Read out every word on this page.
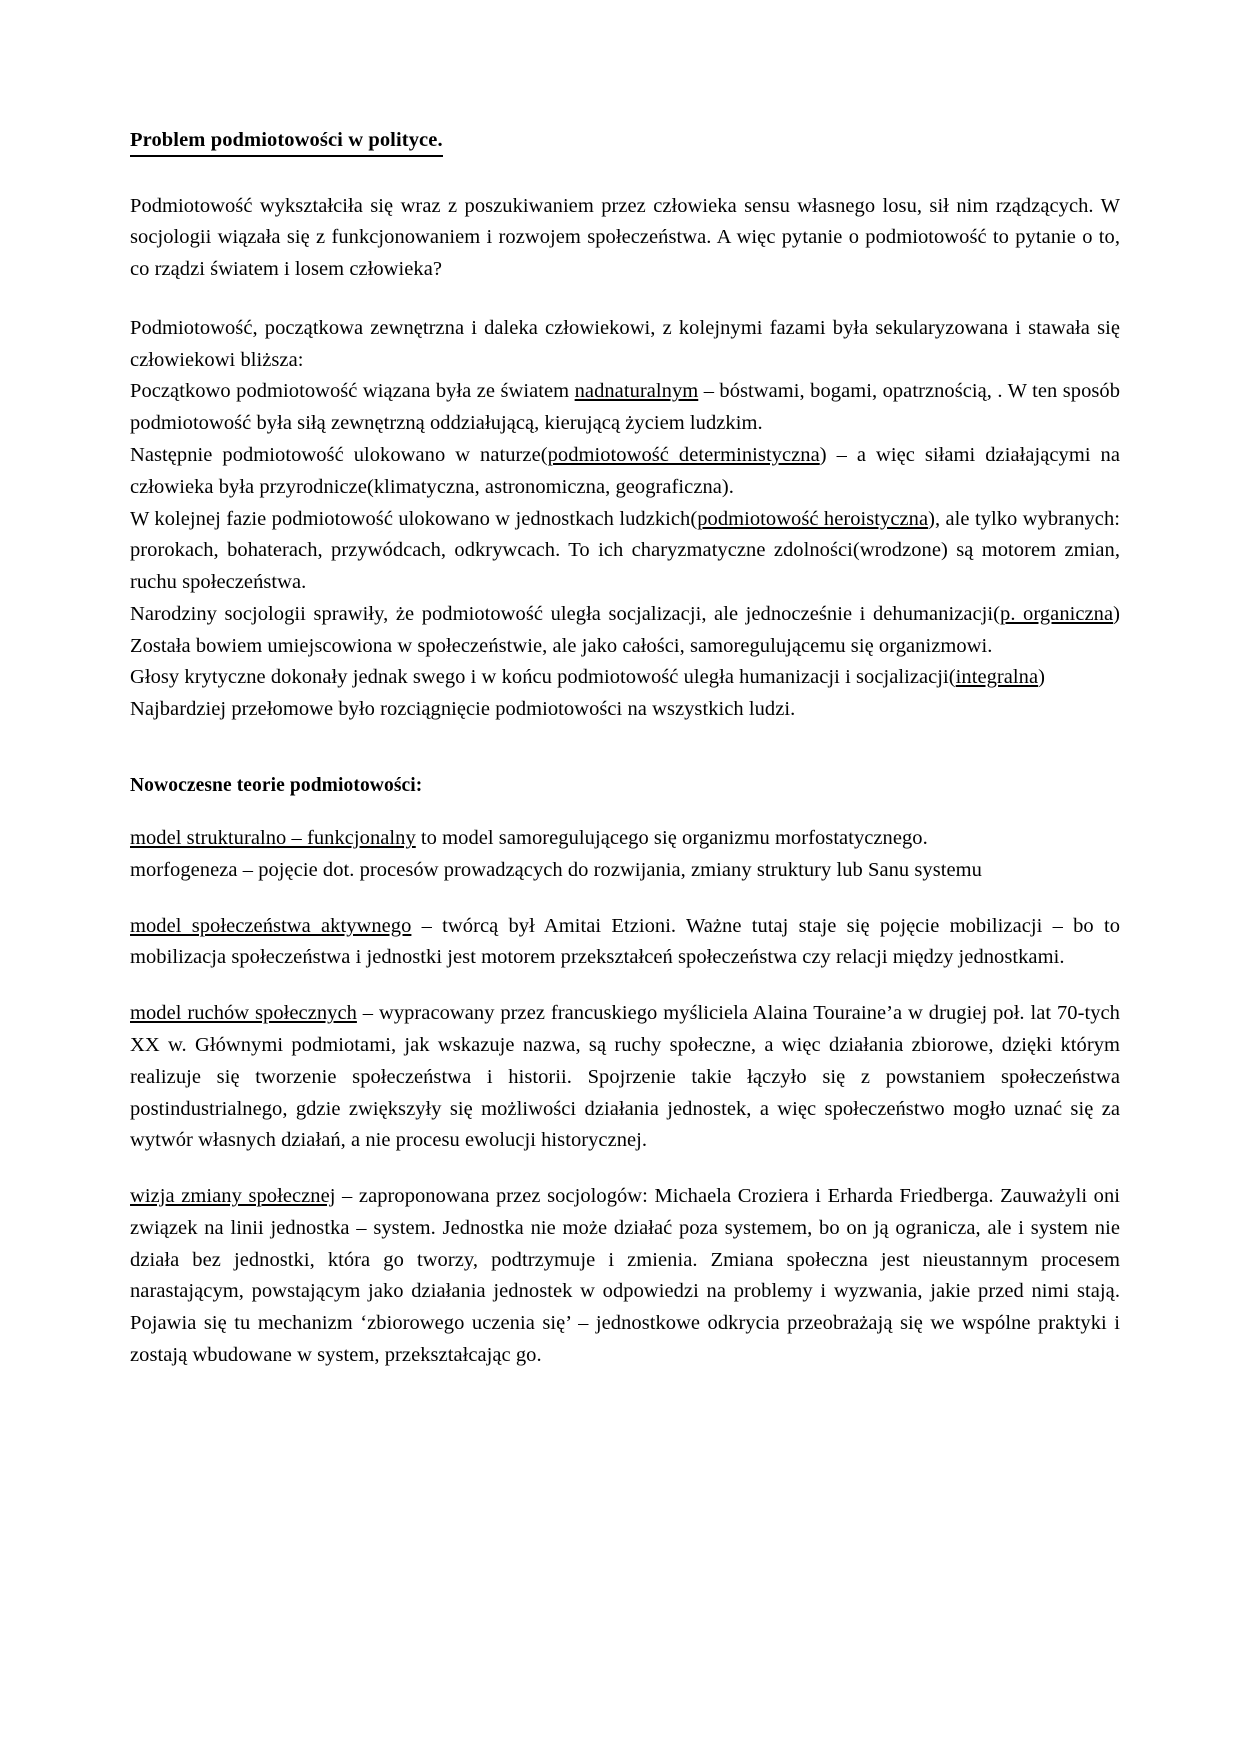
Problem podmiotowości w polityce.

Podmiotowość wykształciła się wraz z poszukiwaniem przez człowieka sensu własnego losu, sił nim rządzących. W socjologii wiązała się z funkcjonowaniem i rozwojem społeczeństwa. A więc pytanie o podmiotowość to pytanie o to, co rządzi światem i losem człowieka?

Podmiotowość, początkowa zewnętrzna i daleka człowiekowi, z kolejnymi fazami była sekularyzowana i stawała się człowiekowi bliższa:

Początkowo podmiotowość wiązana była ze światem nadnaturalnym – bóstwami, bogami, opatrznością, . W ten sposób podmiotowość była siłą zewnętrzną oddziałującą, kierującą życiem ludzkim.

Następnie podmiotowość ulokowano w naturze(podmiotowość deterministyczna) – a więc siłami działającymi na człowieka była przyrodnicze(klimatyczna, astronomiczna, geograficzna).

W kolejnej fazie podmiotowość ulokowano w jednostkach ludzkich(podmiotowość heroistyczna), ale tylko wybranych: prorokach, bohaterach, przywódcach, odkrywcach. To ich charyzmatyczne zdolności(wrodzone) są motorem zmian, ruchu społeczeństwa.

Narodziny socjologii sprawiły, że podmiotowość uległa socjalizacji, ale jednocześnie i dehumanizacji(p. organiczna) Została bowiem umiejscowiona w społeczeństwie, ale jako całości, samoregulującemu się organizmowi.

Głosy krytyczne dokonały jednak swego i w końcu podmiotowość uległa humanizacji i socjalizacji(integralna)

Najbardziej przełomowe było rozciągnięcie podmiotowości na wszystkich ludzi.

Nowoczesne teorie podmiotowości:

model strukturalno – funkcjonalny to model samoregulującego się organizmu morfostatycznego.

morfogeneza – pojęcie dot. procesów prowadzących do rozwijania, zmiany struktury lub Sanu systemu

model społeczeństwa aktywnego – twórcą był Amitai Etzioni. Ważne tutaj staje się pojęcie mobilizacji – bo to mobilizacja społeczeństwa i jednostki jest motorem przekształceń społeczeństwa czy relacji między jednostkami.

model ruchów społecznych – wypracowany przez francuskiego myśliciela Alaina Touraine’a w drugiej poł. lat 70-tych XX w. Głównymi podmiotami, jak wskazuje nazwa, są ruchy społeczne, a więc działania zbiorowe, dzięki którym realizuje się tworzenie społeczeństwa i historii. Spojrzenie takie łączyło się z powstaniem społeczeństwa postindustrialnego, gdzie zwiększyły się możliwości działania jednostek, a więc społeczeństwo mogło uznać się za wytwór własnych działań, a nie procesu ewolucji historycznej.

wizja zmiany społecznej – zaproponowana przez socjologów: Michaela Croziera i Erharda Friedberga. Zauważyli oni związek na linii jednostka – system. Jednostka nie może działać poza systemem, bo on ją ogranicza, ale i system nie działa bez jednostki, która go tworzy, podtrzymuje i zmienia. Zmiana społeczna jest nieustannym procesem narastającym, powstającym jako działania jednostek w odpowiedzi na problemy i wyzwania, jakie przed nimi stają. Pojawia się tu mechanizm ‘zbiorowego uczenia się’ – jednostkowe odkrycia przeobrażają się we wspólne praktyki i zostają wbudowane w system, przekształcając go.
